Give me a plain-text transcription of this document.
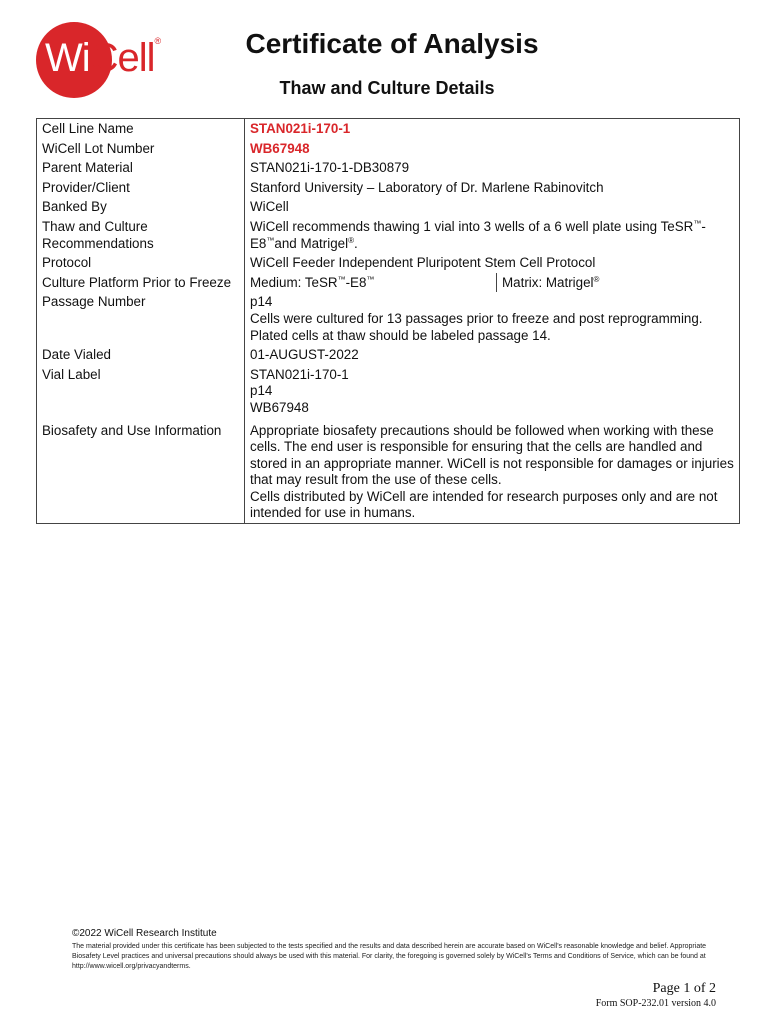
WiCell®	Certificate of Analysis
Thaw and Culture Details
Cell Line Name	STAN021i-170-1
WiCell Lot Number	WB67948
Parent Material	STAN021i-170-1-DB30879
Provider/Client	Stanford University – Laboratory of Dr. Marlene Rabinovitch
Banked By	WiCell
Thaw and Culture Recommendations	WiCell recommends thawing 1 vial into 3 wells of a 6 well plate using TeSR™-E8™and Matrigel®.
Protocol	WiCell Feeder Independent Pluripotent Stem Cell Protocol
Culture Platform Prior to Freeze	Medium: TeSR™-E8™ Matrix: Matrigel®

Passage Number	p14
Cells were cultured for 13 passages prior to freeze and post reprogramming.
Plated cells at thaw should be labeled passage 14.

Date Vialed	01-AUGUST-2022
Vial Label	STAN021i-170-1
p14
WB67948

Biosafety and Use Information	Appropriate biosafety precautions should be followed when working with these cells. The end user is responsible for ensuring that the cells are handled and stored in an appropriate manner. WiCell is not responsible for damages or injuries that may result from the use of these cells.
Cells distributed by WiCell are intended for research purposes only and are not intended for use in humans.
©2022 WiCell Research Institute
The material provided under this certificate has been subjected to the tests specified and the results and data described herein are accurate based on WiCell's reasonable knowledge and belief. Appropriate Biosafety Level practices and universal precautions should always be used with this material. For clarity, the foregoing is governed solely by WiCell's Terms and Conditions of Service, which can be found at http://www.wicell.org/privacyandterms.
Page 1 of 2
Form SOP-232.01 version 4.0
